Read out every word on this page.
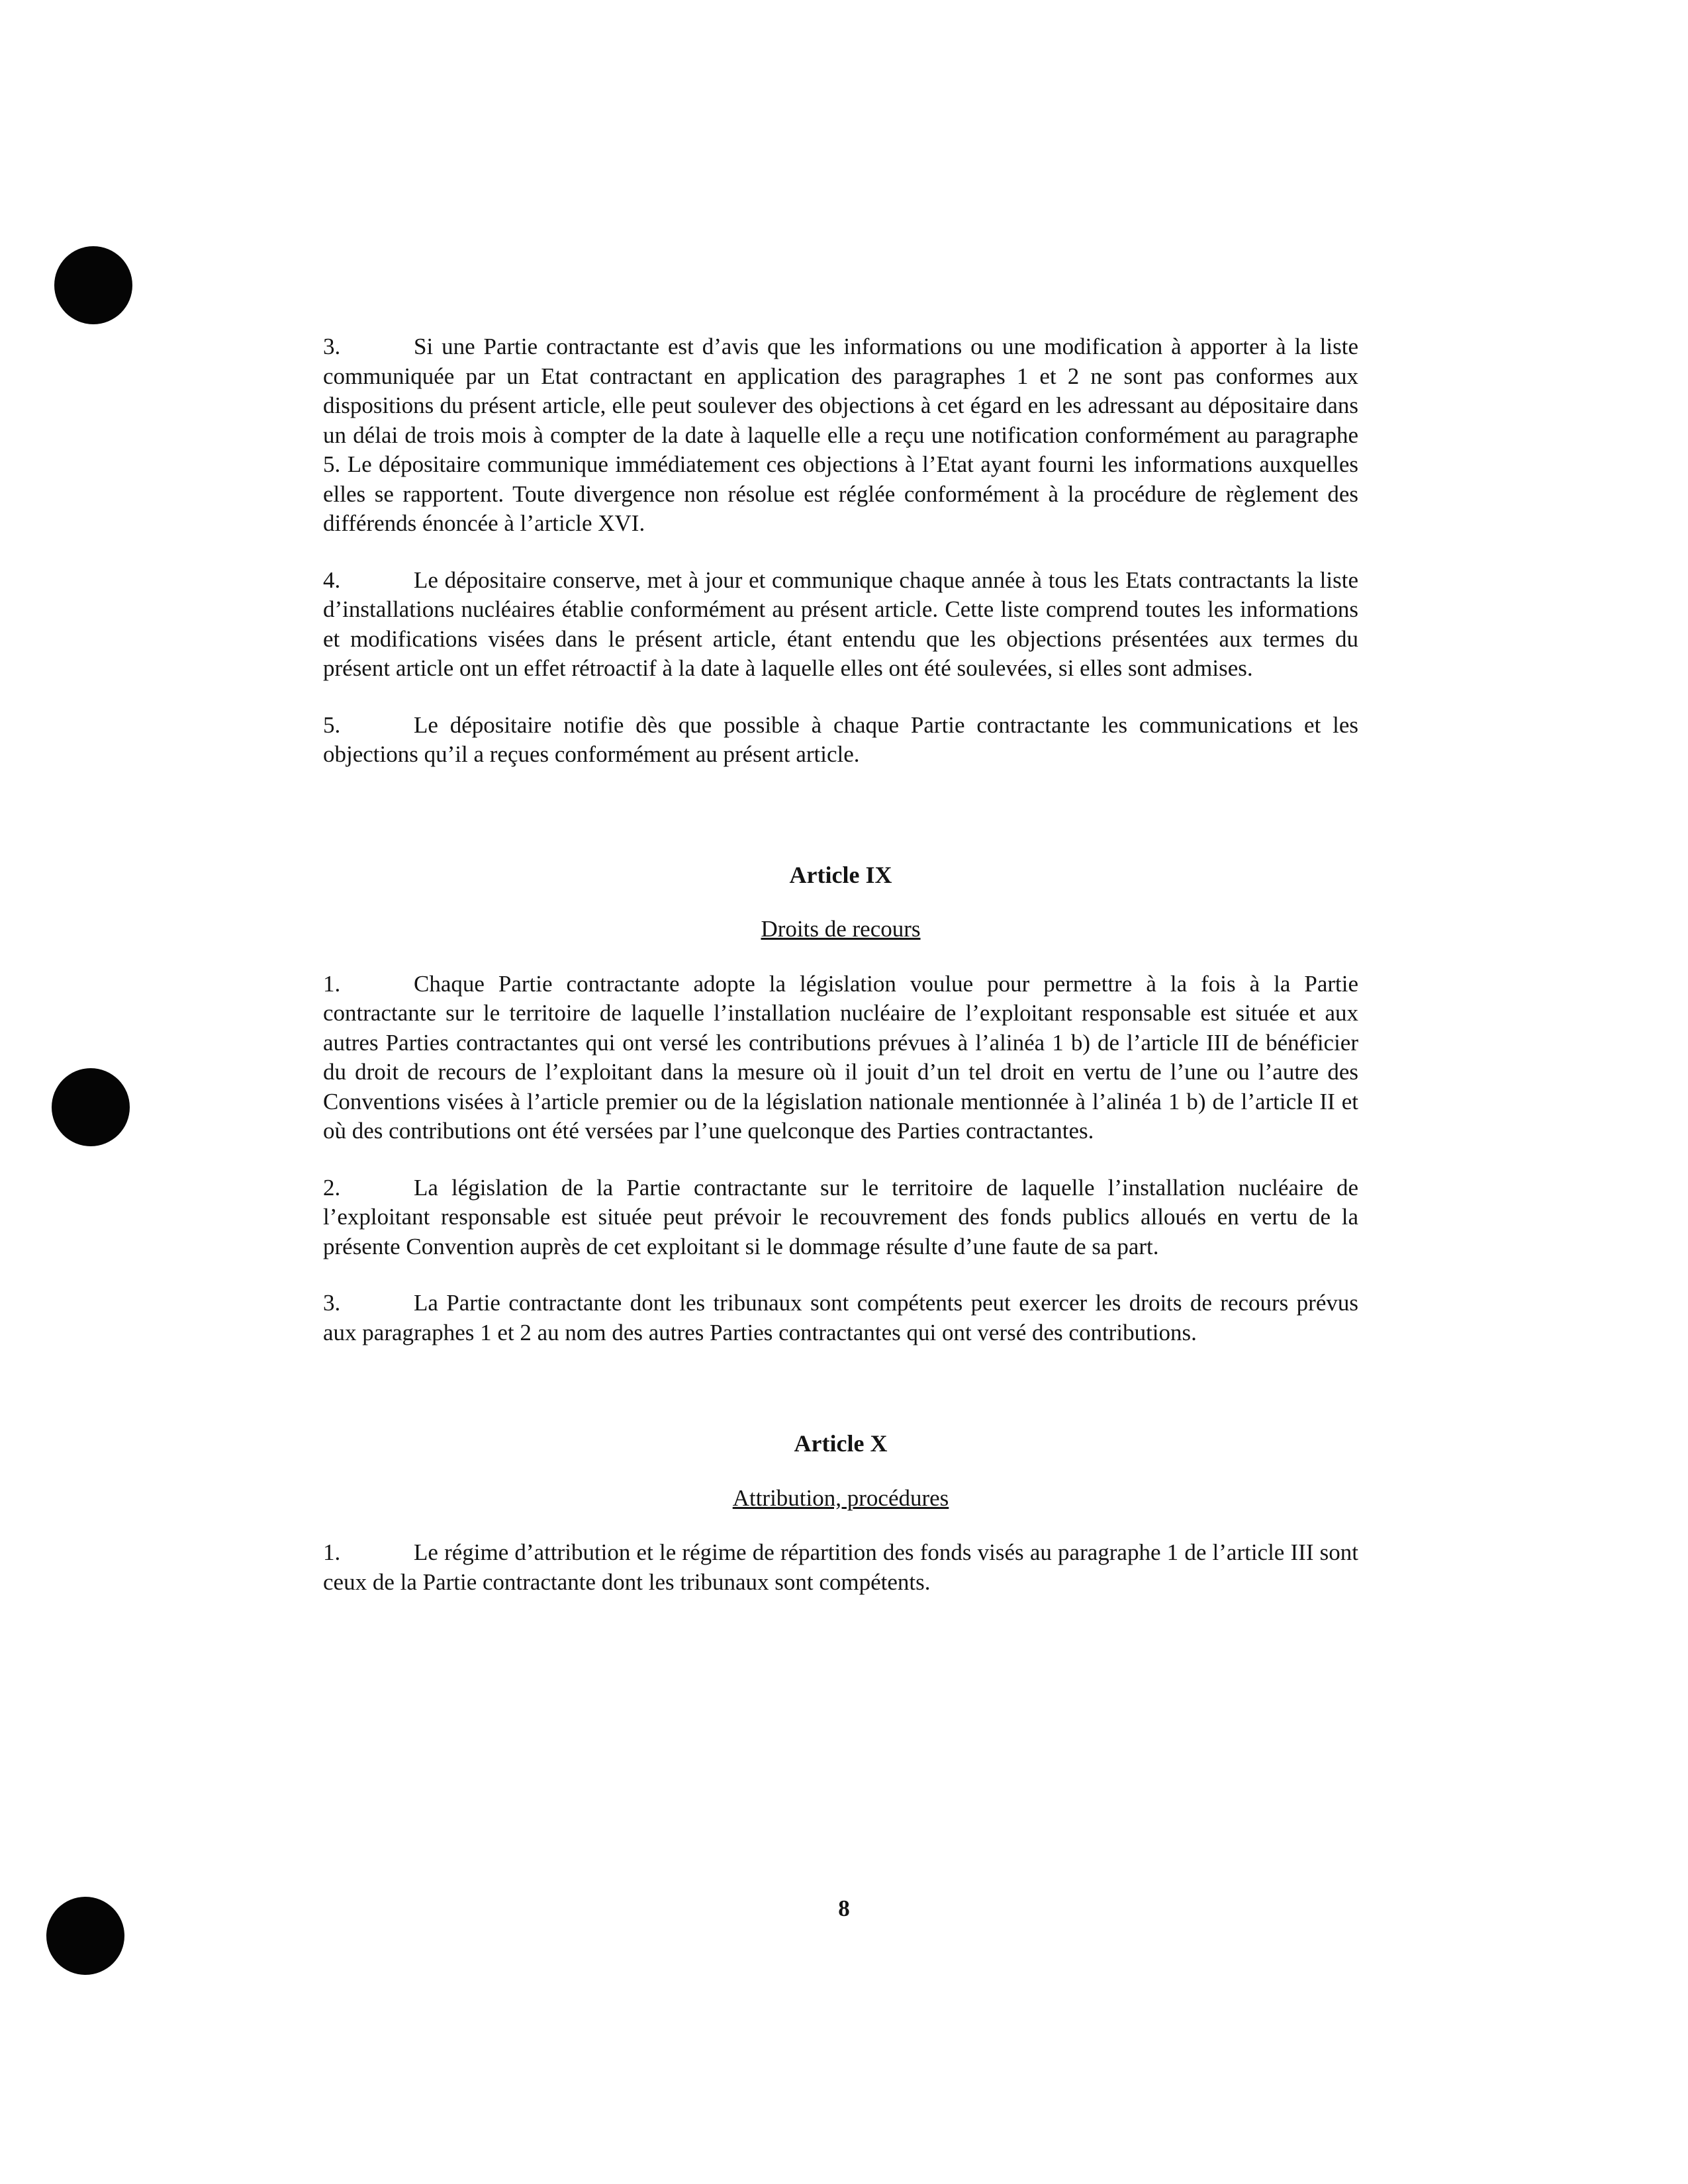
3.	Si une Partie contractante est d’avis que les informations ou une modification à apporter à la liste communiquée par un Etat contractant en application des paragraphes 1 et 2 ne sont pas conformes aux dispositions du présent article, elle peut soulever des objections à cet égard en les adressant au dépositaire dans un délai de trois mois à compter de la date à laquelle elle a reçu une notification conformément au paragraphe 5. Le dépositaire communique immédiatement ces objections à l’Etat ayant fourni les informations auxquelles elles se rapportent. Toute divergence non résolue est réglée conformément à la procédure de règlement des différends énoncée à l’article XVI.

4.	Le dépositaire conserve, met à jour et communique chaque année à tous les Etats contractants la liste d’installations nucléaires établie conformément au présent article. Cette liste comprend toutes les informations et modifications visées dans le présent article, étant entendu que les objections présentées aux termes du présent article ont un effet rétroactif à la date à laquelle elles ont été soulevées, si elles sont admises.

5.	Le dépositaire notifie dès que possible à chaque Partie contractante les communications et les objections qu’il a reçues conformément au présent article.

Article IX

Droits de recours

1.	Chaque Partie contractante adopte la législation voulue pour permettre à la fois à la Partie contractante sur le territoire de laquelle l’installation nucléaire de l’exploitant responsable est située et aux autres Parties contractantes qui ont versé les contributions prévues à l’alinéa 1 b) de l’article III de bénéficier du droit de recours de l’exploitant dans la mesure où il jouit d’un tel droit en vertu de l’une ou l’autre des Conventions visées à l’article premier ou de la législation nationale mentionnée à l’alinéa 1 b) de l’article II et où des contributions ont été versées par l’une quelconque des Parties contractantes.

2.	La législation de la Partie contractante sur le territoire de laquelle l’installation nucléaire de l’exploitant responsable est située peut prévoir le recouvrement des fonds publics alloués en vertu de la présente Convention auprès de cet exploitant si le dommage résulte d’une faute de sa part.

3.	La Partie contractante dont les tribunaux sont compétents peut exercer les droits de recours prévus aux paragraphes 1 et 2 au nom des autres Parties contractantes qui ont versé des contributions.

Article X

Attribution, procédures

1.	Le régime d’attribution et le régime de répartition des fonds visés au paragraphe 1 de l’article III sont ceux de la Partie contractante dont les tribunaux sont compétents.

8
